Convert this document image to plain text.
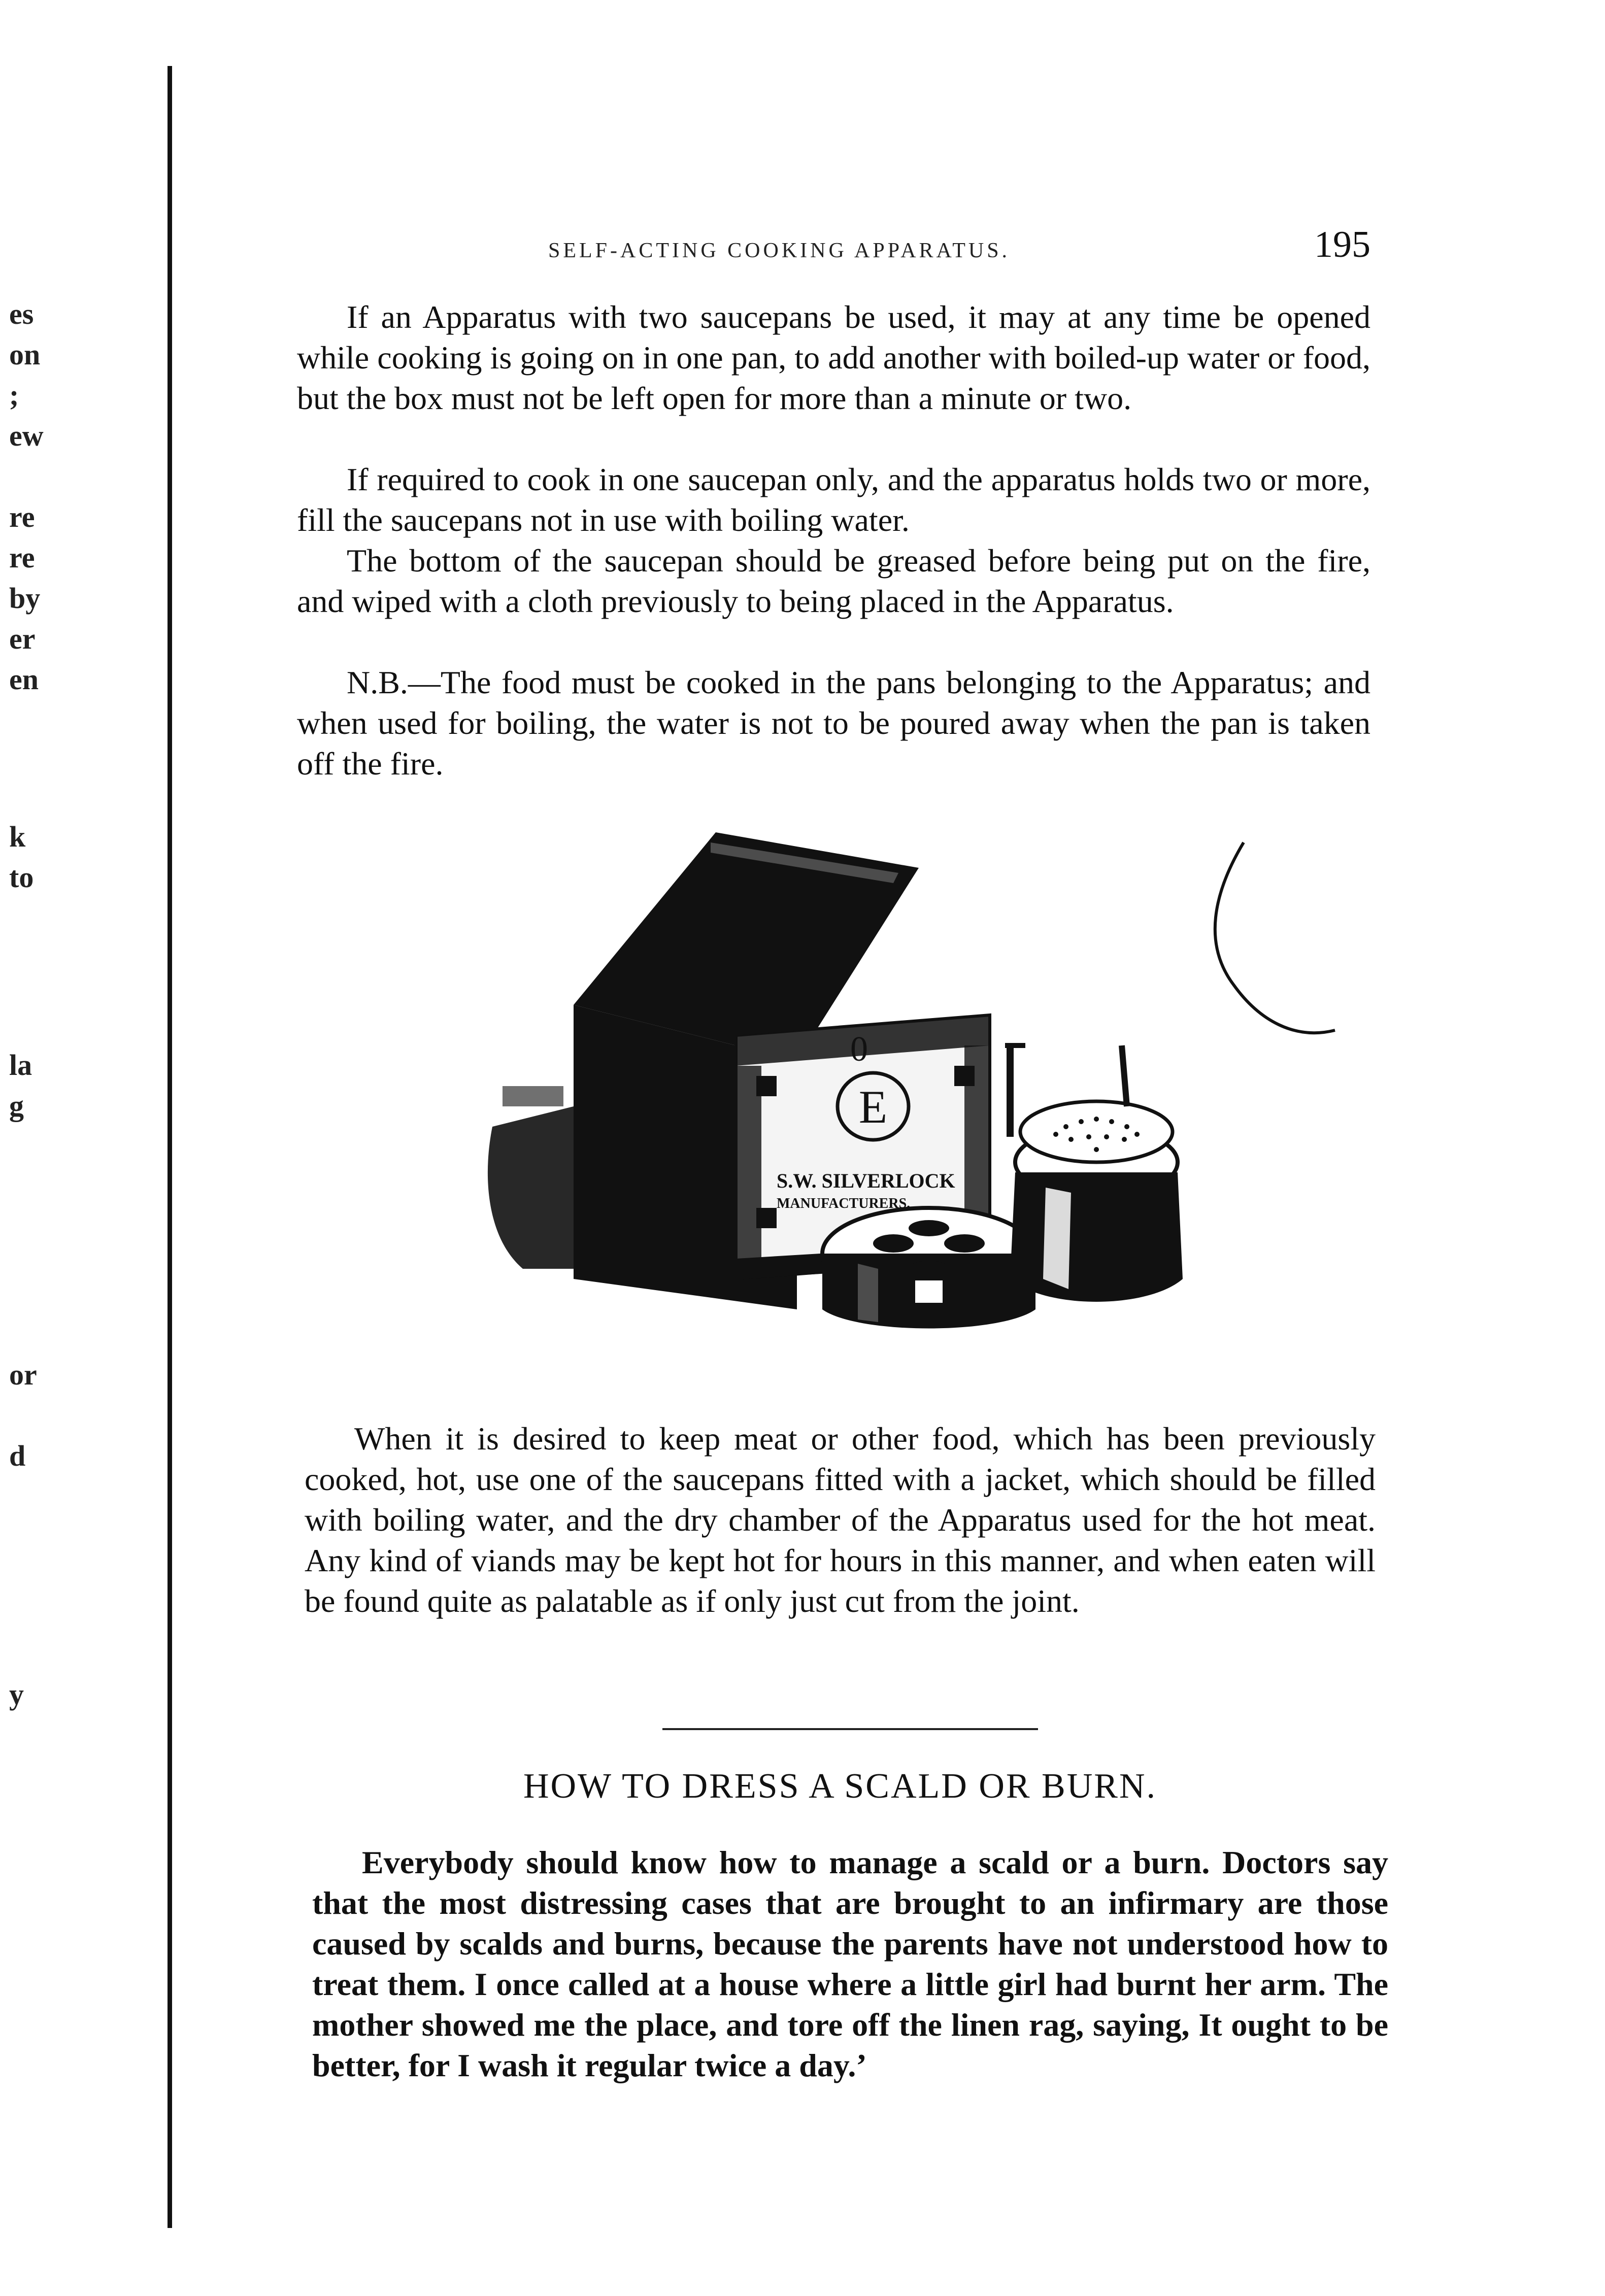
es
on
;
ew
re
re
by
er
en
k
to
la
g
or
d
y
SELF-ACTING COOKING APPARATUS.	195

If an Apparatus with two saucepans be used, it may at any time be opened while cooking is going on in one pan, to add another with boiled-up water or food, but the box must not be left open for more than a minute or two.

If required to cook in one saucepan only, and the apparatus holds two or more, fill the saucepans not in use with boiling water.

The bottom of the saucepan should be greased before being put on the fire, and wiped with a cloth previously to being placed in the Apparatus.

N.B.—The food must be cooked in the pans belonging to the Apparatus; and when used for boiling, the water is not to be poured away when the pan is taken off the fire.

E
0
S.W. SILVERLOCK
MANUFACTURERS.

When it is desired to keep meat or other food, which has been previously cooked, hot, use one of the saucepans fitted with a jacket, which should be filled with boiling water, and the dry chamber of the Apparatus used for the hot meat. Any kind of viands may be kept hot for hours in this manner, and when eaten will be found quite as palatable as if only just cut from the joint.

HOW TO DRESS A SCALD OR BURN.

Everybody should know how to manage a scald or a burn. Doctors say that the most distressing cases that are brought to an infirmary are those caused by scalds and burns, because the parents have not understood how to treat them. I once called at a house where a little girl had burnt her arm. The mother showed me the place, and tore off the linen rag, saying, It ought to be better, for I wash it regular twice a day.’
